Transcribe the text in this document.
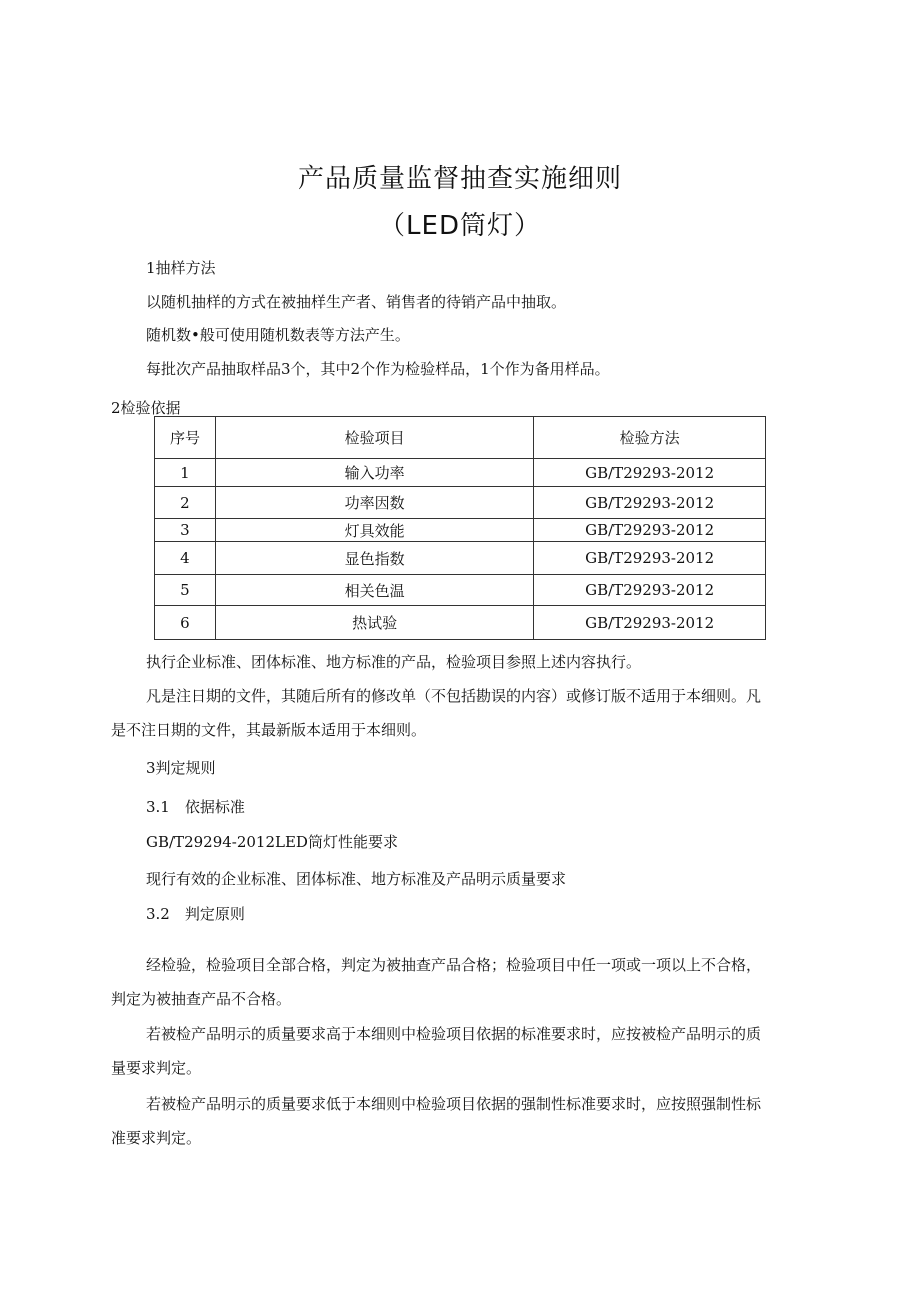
产品质量监督抽查实施细则
（LED筒灯）
1抽样方法
以随机抽样的方式在被抽样生产者、销售者的待销产品中抽取。
随机数•般可使用随机数表等方法产生。
每批次产品抽取样品3个，其中2个作为检验样品，1个作为备用样品。
2检验依据
序号	检验项目	检验方法
1	输入功率	GB/T29293-2012
2	功率因数	GB/T29293-2012
3	灯具效能	GB/T29293-2012
4	显色指数	GB/T29293-2012
5	相关色温	GB/T29293-2012
6	热试验	GB/T29293-2012
执行企业标准、团体标准、地方标准的产品，检验项目参照上述内容执行。
凡是注日期的文件，其随后所有的修改单（不包括勘误的内容）或修订版不适用于本细则。凡是不注日期的文件，其最新版本适用于本细则。
3判定规则
3.1　依据标准
GB/T29294-2012LED筒灯性能要求
现行有效的企业标准、团体标准、地方标准及产品明示质量要求
3.2　判定原则
经检验，检验项目全部合格，判定为被抽查产品合格；检验项目中任一项或一项以上不合格，判定为被抽查产品不合格。
若被检产品明示的质量要求高于本细则中检验项目依据的标准要求时，应按被检产品明示的质量要求判定。
若被检产品明示的质量要求低于本细则中检验项目依据的强制性标准要求时，应按照强制性标准要求判定。
